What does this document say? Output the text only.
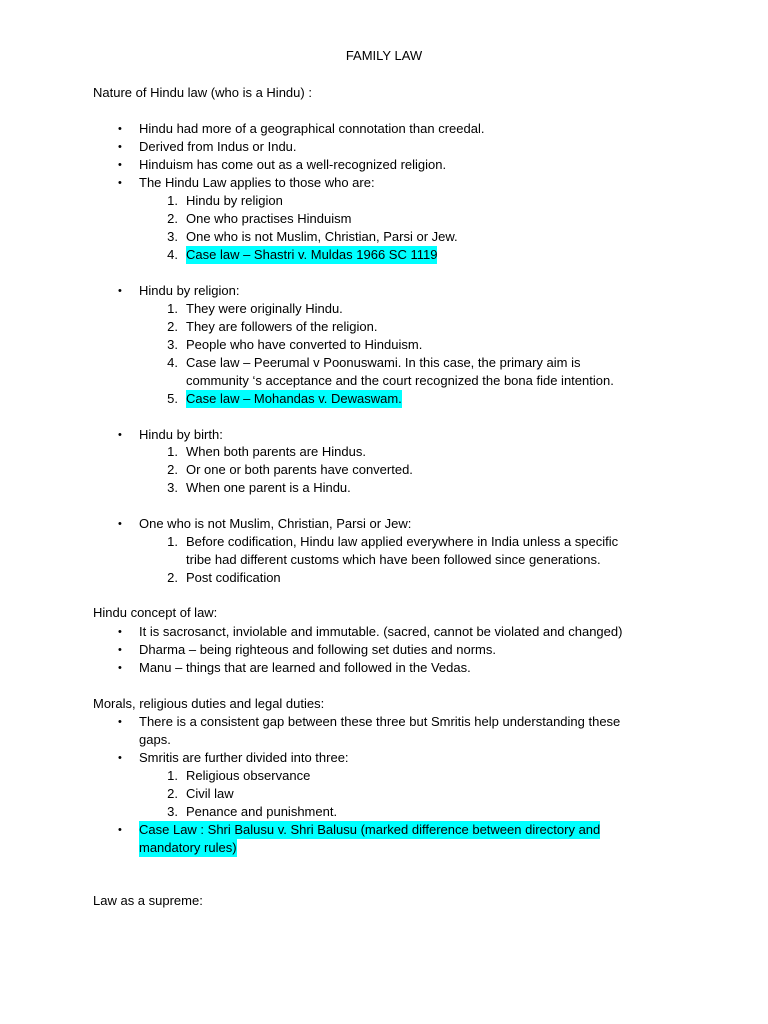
FAMILY LAW
Nature of Hindu law (who is a Hindu) :
• Hindu had more of a geographical connotation than creedal.
• Derived from Indus or Indu.
• Hinduism has come out as a well-recognized religion.
• The Hindu Law applies to those who are:
1. Hindu by religion
2. One who practises Hinduism
3. One who is not Muslim, Christian, Parsi or Jew.
4. Case law – Shastri v. Muldas 1966 SC 1119
• Hindu by religion:
1. They were originally Hindu.
2. They are followers of the religion.
3. People who have converted to Hinduism.
4. Case law – Peerumal v Poonuswami. In this case, the primary aim is
community ‘s acceptance and the court recognized the bona fide intention.
5. Case law – Mohandas v. Dewaswam.
• Hindu by birth:
1. When both parents are Hindus.
2. Or one or both parents have converted.
3. When one parent is a Hindu.
• One who is not Muslim, Christian, Parsi or Jew:
1. Before codification, Hindu law applied everywhere in India unless a specific
tribe had different customs which have been followed since generations.
2. Post codification
Hindu concept of law:
• It is sacrosanct, inviolable and immutable. (sacred, cannot be violated and changed)
• Dharma – being righteous and following set duties and norms.
• Manu – things that are learned and followed in the Vedas.
Morals, religious duties and legal duties:
• There is a consistent gap between these three but Smritis help understanding these
gaps.
• Smritis are further divided into three:
1. Religious observance
2. Civil law
3. Penance and punishment.
• Case Law : Shri Balusu v. Shri Balusu (marked difference between directory and
mandatory rules)
Law as a supreme:
